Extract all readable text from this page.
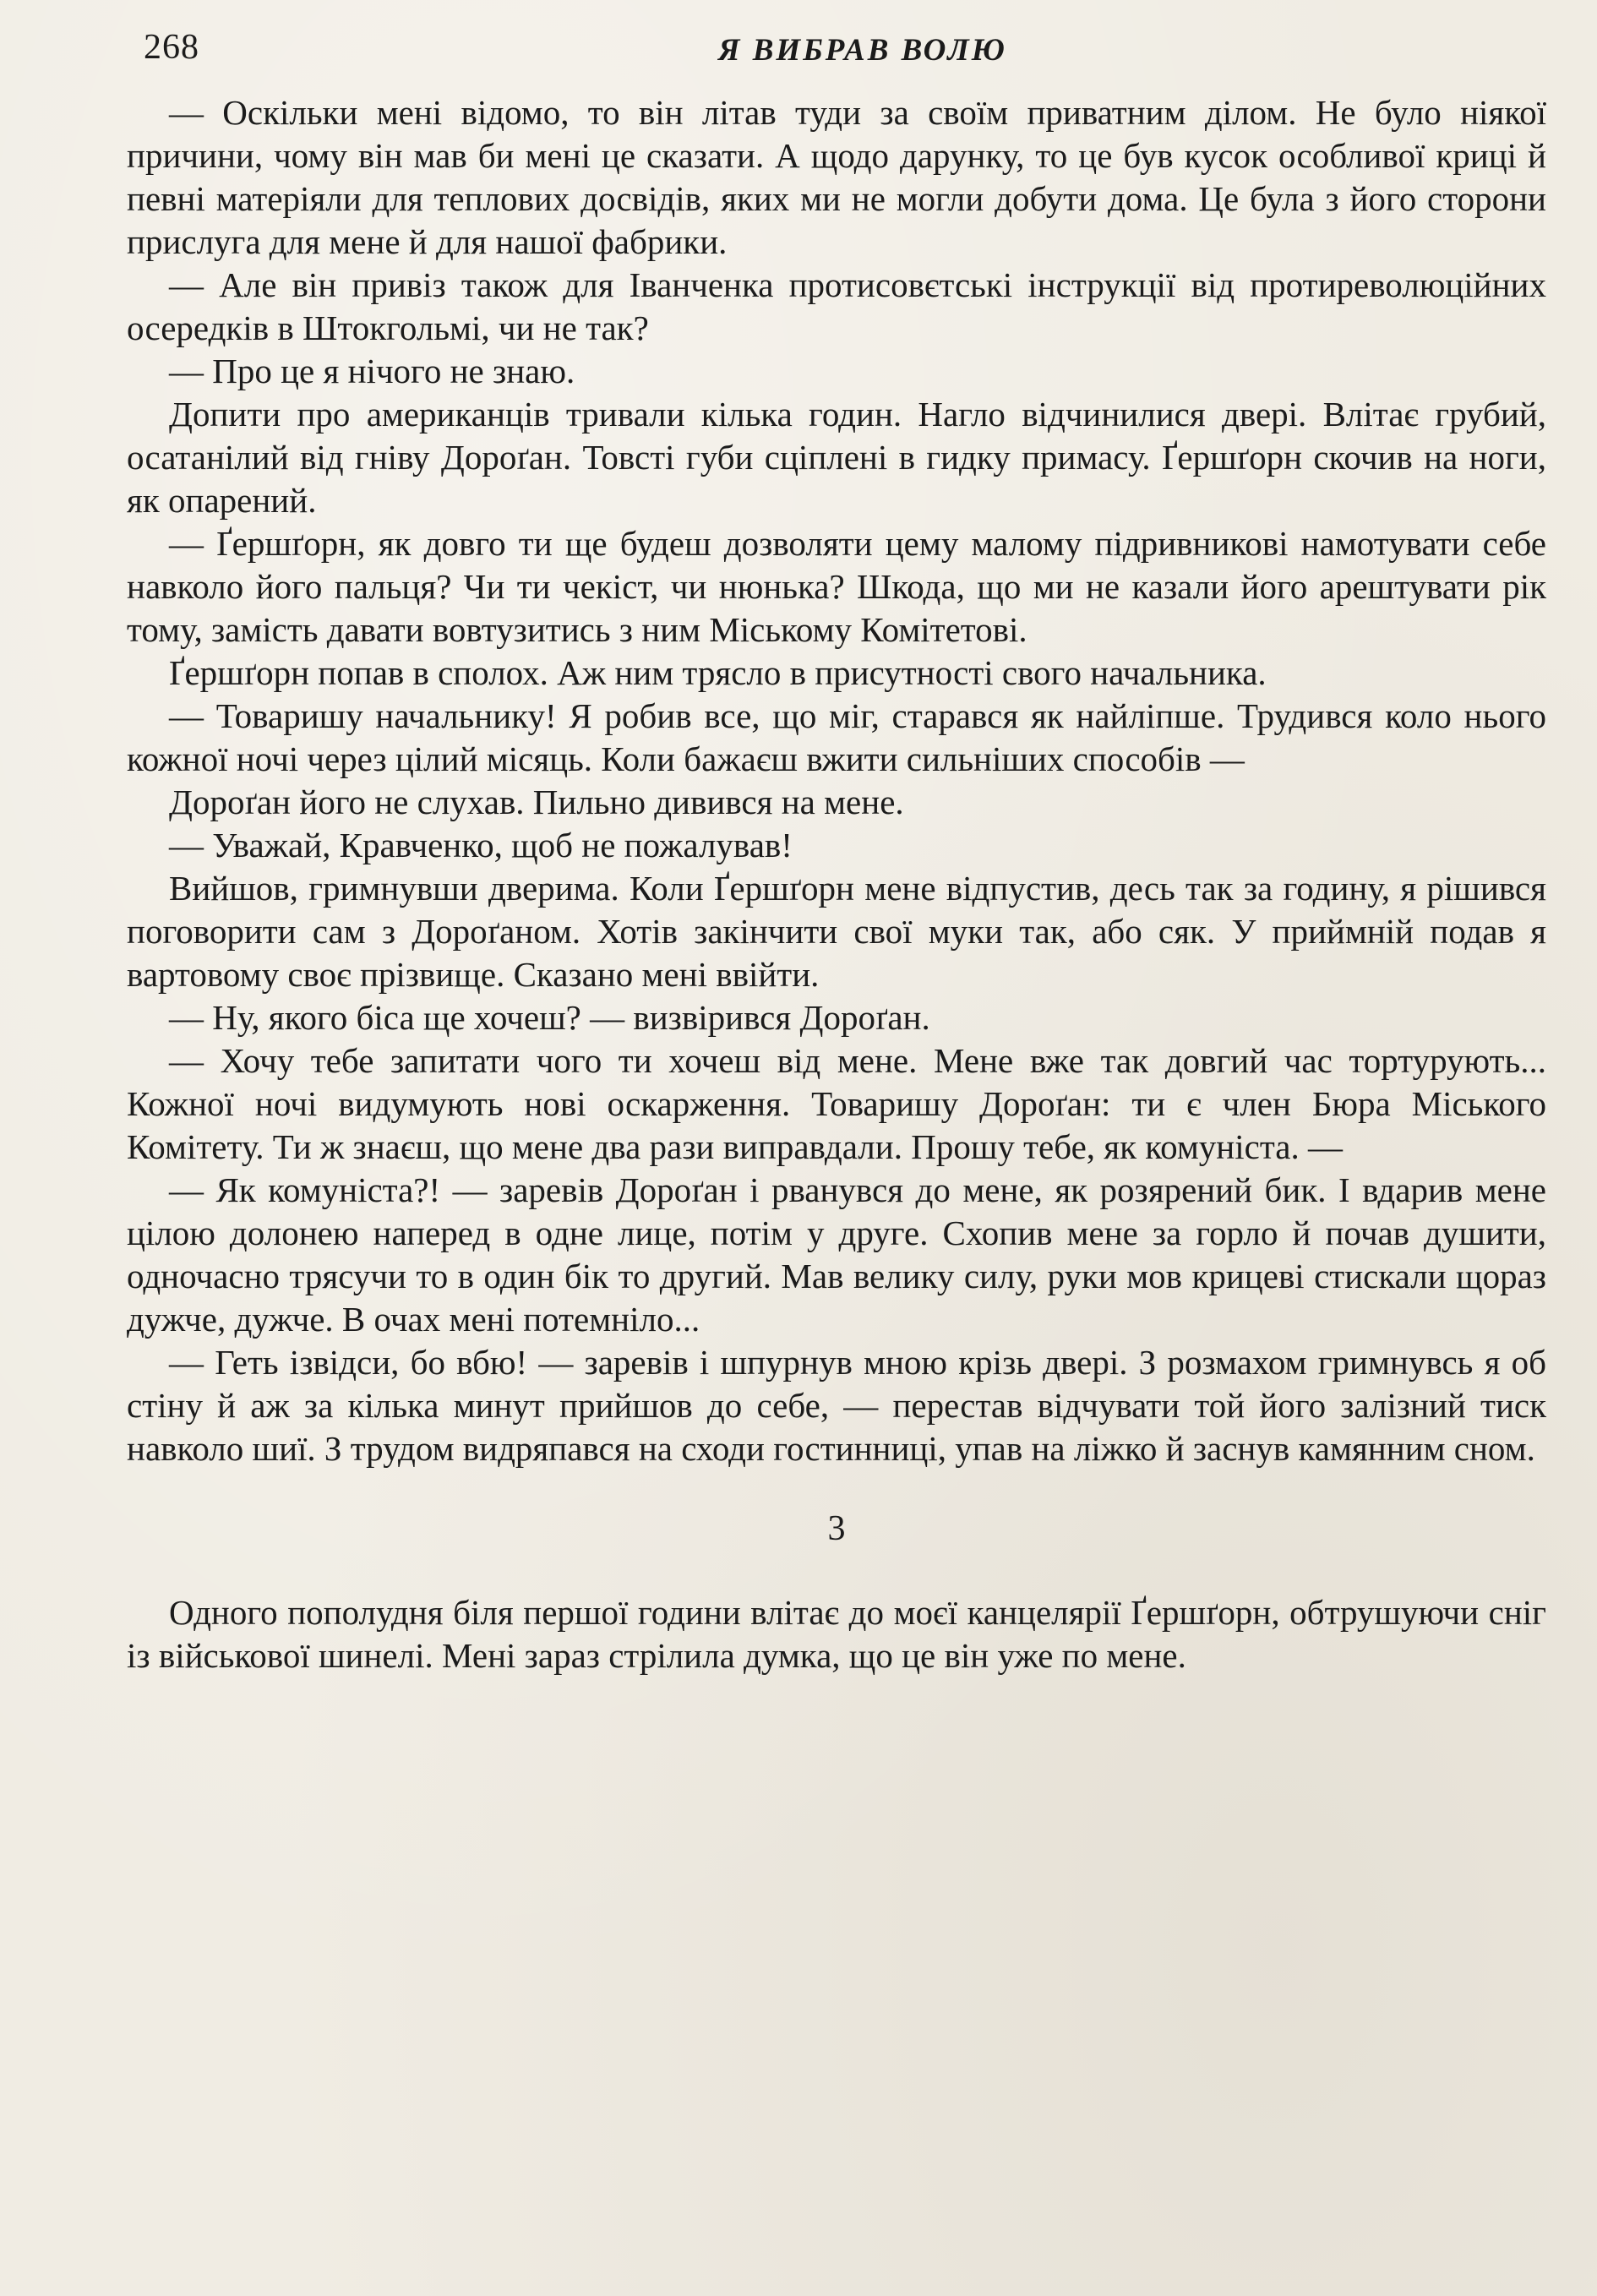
268	Я ВИБРАВ ВОЛЮ

— Оскільки мені відомо, то він літав туди за своїм приватним ділом. Не було ніякої причини, чому він мав би мені це сказати. А щодо дарунку, то це був кусок особливої криці й певні матеріяли для тепловиx досвідів, яких ми не могли добути дома. Це була з його сторони прислуга для мене й для нашої фабрики.

— Але він привіз також для Іванченка протисовєтські інструкції від протиреволюційних осередків в Штокгольмі, чи не так?

— Про це я нічого не знаю.

Допити про американців тривали кілька годин. Нагло відчинилися двері. Влітає грубий, осатанілий від гніву Дороґан. Товсті губи сціплені в гидку примасу. Ґершґорн скочив на ноги, як опарений.

— Ґершґорн, як довго ти ще будеш дозволяти цему малому підривникові намотувати себе навколо його пальця? Чи ти чекіст, чи нюнька? Шкода, що ми не казали його арештувати рік тому, замість давати вовтузитись з ним Міському Комітетові.

Ґершґорн попав в сполох. Аж ним трясло в присутності свого начальника.

— Товаришу начальнику! Я робив все, що міг, старався як найліпше. Трудився коло нього кожної ночі через цілий місяць. Коли бажаєш вжити сильніших способів —

Дороґан його не слухав. Пильно дивився на мене.

— Уважай, Кравченко, щоб не пожалував!

Вийшов, гримнувши дверима. Коли Ґершґорн мене відпустив, десь так за годину, я рішився поговорити сам з Дороґаном. Хотів закінчити свої муки так, або сяк. У приймній подав я вартовому своє прізвище. Сказано мені ввійти.

— Ну, якого біса ще хочеш? — визвірився Дороґан.

— Хочу тебе запитати чого ти хочеш від мене. Мене вже так довгий час тортурують... Кожної ночі видумують нові оскарження. Товаришу Дороґан: ти є член Бюра Міського Комітету. Ти ж знаєш, що мене два рази виправдали. Прошу тебе, як комуніста. —

— Як комуніста?! — заревів Дороґан і рванувся до мене, як розярений бик. І вдарив мене цілою долонею наперед в одне лице, потім у друге. Схопив мене за горло й почав душити, одночасно трясучи то в один бік то другий. Мав велику силу, руки мов крицеві стискали щораз дужче, дужче. В очах мені потемніло...

— Геть ізвідси, бо вбю! — заревів і шпурнув мною крізь двері. З розмахом гримнувсь я об стіну й аж за кілька минут прийшов до себе, — перестав відчувати той його залізний тиск навколо шиї. З трудом видряпався на сходи гостинниці, упав на ліжко й заснув камянним сном.

3

Одного пополудня біля першої години влітає до моєї канцелярії Ґершґорн, обтрушуючи сніг із військової шинелі. Мені зараз стрілила думка, що це він уже по мене.
